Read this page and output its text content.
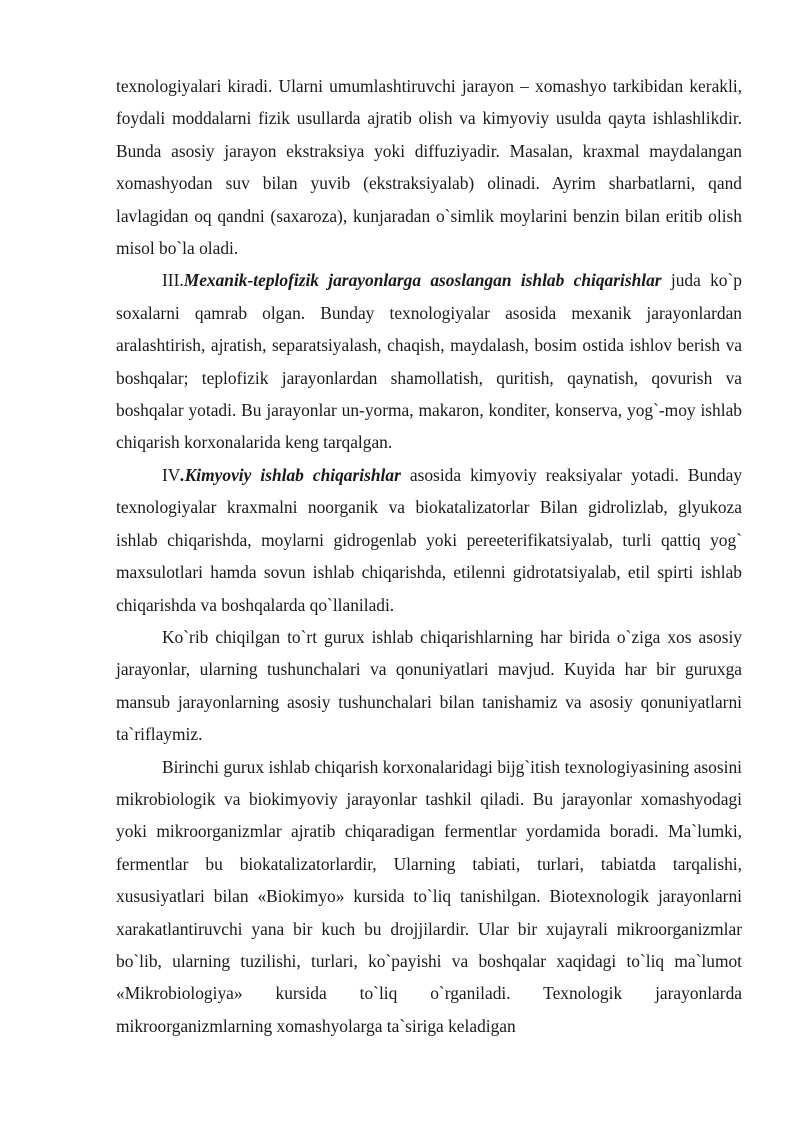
texnologiyalari kiradi. Ularni umumlashtiruvchi jarayon – xomashyo tarkibidan kerakli, foydali moddalarni fizik usullarda ajratib olish va kimyoviy usulda qayta ishlashlikdir. Bunda asosiy jarayon ekstraksiya yoki diffuziyadir. Masalan, kraxmal maydalangan xomashyodan suv bilan yuvib (ekstraksiyalab) olinadi. Ayrim sharbatlarni, qand lavlagidan oq qandni (saxaroza), kunjaradan o`simlik moylarini benzin bilan eritib olish misol bo`la oladi.

III.Mexanik-teplofizik jarayonlarga asoslangan ishlab chiqarishlar juda ko`p soxalarni qamrab olgan. Bunday texnologiyalar asosida mexanik jarayonlardan aralashtirish, ajratish, separatsiyalash, chaqish, maydalash, bosim ostida ishlov berish va boshqalar; teplofizik jarayonlardan shamollatish, quritish, qaynatish, qovurish va boshqalar yotadi. Bu jarayonlar un-yorma, makaron, konditer, konserva, yog`-moy ishlab chiqarish korxonalarida keng tarqalgan.

IV.Kimyoviy ishlab chiqarishlar asosida kimyoviy reaksiyalar yotadi. Bunday texnologiyalar kraxmalni noorganik va biokatalizatorlar Bilan gidrolizlab, glyukoza ishlab chiqarishda, moylarni gidrogenlab yoki pereeterifikatsiyalab, turli qattiq yog` maxsulotlari hamda sovun ishlab chiqarishda, etilenni gidrotatsiyalab, etil spirti ishlab chiqarishda va boshqalarda qo`llaniladi.

Ko`rib chiqilgan to`rt gurux ishlab chiqarishlarning har birida o`ziga xos asosiy jarayonlar, ularning tushunchalari va qonuniyatlari mavjud. Kuyida har bir guruxga mansub jarayonlarning asosiy tushunchalari bilan tanishamiz va asosiy qonuniyatlarni ta`riflaymiz.

Birinchi gurux ishlab chiqarish korxonalaridagi bijg`itish texnologiyasining asosini mikrobiologik va biokimyoviy jarayonlar tashkil qiladi. Bu jarayonlar xomashyodagi yoki mikroorganizmlar ajratib chiqaradigan fermentlar yordamida boradi. Ma`lumki, fermentlar bu biokatalizatorlardir, Ularning tabiati, turlari, tabiatda tarqalishi, xususiyatlari bilan «Biokimyo» kursida to`liq tanishilgan. Biotexnologik jarayonlarni xarakatlantiruvchi yana bir kuch bu drojjilardir. Ular bir xujayrali mikroorganizmlar bo`lib, ularning tuzilishi, turlari, ko`payishi va boshqalar xaqidagi to`liq ma`lumot «Mikrobiologiya» kursida to`liq o`rganiladi. Texnologik jarayonlarda mikroorganizmlarning xomashyolarga ta`siriga keladigan
